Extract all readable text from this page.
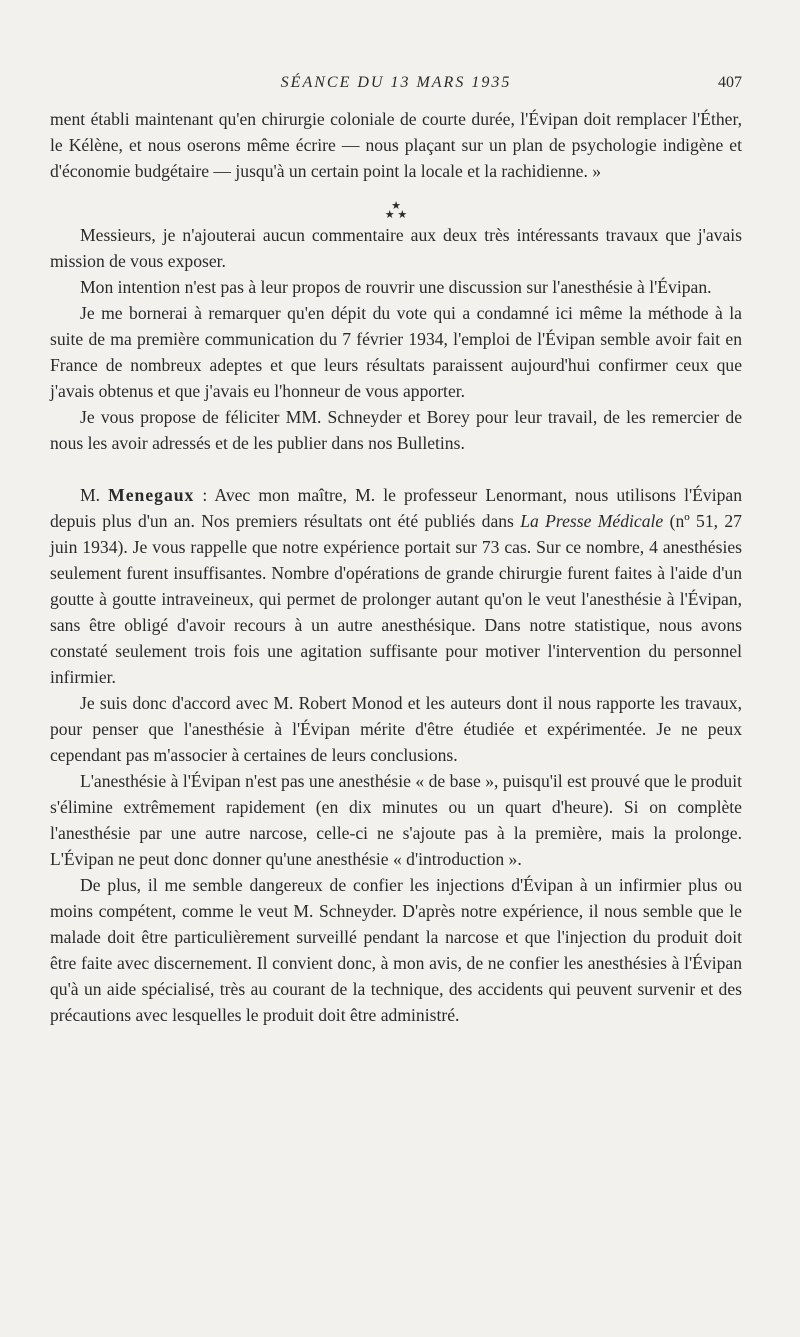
SÉANCE DU 13 MARS 1935	407

ment établi maintenant qu'en chirurgie coloniale de courte durée, l'Évipan doit remplacer l'Éther, le Kélène, et nous oserons même écrire — nous plaçant sur un plan de psychologie indigène et d'économie budgétaire — jusqu'à un certain point la locale et la rachidienne. »

★
★ ★

Messieurs, je n'ajouterai aucun commentaire aux deux très intéressants travaux que j'avais mission de vous exposer.

Mon intention n'est pas à leur propos de rouvrir une discussion sur l'anesthésie à l'Évipan.

Je me bornerai à remarquer qu'en dépit du vote qui a condamné ici même la méthode à la suite de ma première communication du 7 février 1934, l'emploi de l'Évipan semble avoir fait en France de nombreux adeptes et que leurs résultats paraissent aujourd'hui confirmer ceux que j'avais obtenus et que j'avais eu l'honneur de vous apporter.

Je vous propose de féliciter MM. Schneyder et Borey pour leur travail, de les remercier de nous les avoir adressés et de les publier dans nos Bulletins.

M. Menegaux : Avec mon maître, M. le professeur Lenormant, nous utilisons l'Évipan depuis plus d'un an. Nos premiers résultats ont été publiés dans La Presse Médicale (nº 51, 27 juin 1934). Je vous rappelle que notre expérience portait sur 73 cas. Sur ce nombre, 4 anesthésies seulement furent insuffisantes. Nombre d'opérations de grande chirurgie furent faites à l'aide d'un goutte à goutte intraveineux, qui permet de prolonger autant qu'on le veut l'anesthésie à l'Évipan, sans être obligé d'avoir recours à un autre anesthésique. Dans notre statistique, nous avons constaté seulement trois fois une agitation suffisante pour motiver l'intervention du personnel infirmier.

Je suis donc d'accord avec M. Robert Monod et les auteurs dont il nous rapporte les travaux, pour penser que l'anesthésie à l'Évipan mérite d'être étudiée et expérimentée. Je ne peux cependant pas m'associer à certaines de leurs conclusions.

L'anesthésie à l'Évipan n'est pas une anesthésie « de base », puisqu'il est prouvé que le produit s'élimine extrêmement rapidement (en dix minutes ou un quart d'heure). Si on complète l'anesthésie par une autre narcose, celle-ci ne s'ajoute pas à la première, mais la prolonge. L'Évipan ne peut donc donner qu'une anesthésie « d'introduction ».

De plus, il me semble dangereux de confier les injections d'Évipan à un infirmier plus ou moins compétent, comme le veut M. Schneyder. D'après notre expérience, il nous semble que le malade doit être particulièrement surveillé pendant la narcose et que l'injection du produit doit être faite avec discernement. Il convient donc, à mon avis, de ne confier les anesthésies à l'Évipan qu'à un aide spécialisé, très au courant de la technique, des accidents qui peuvent survenir et des précautions avec lesquelles le produit doit être administré.
